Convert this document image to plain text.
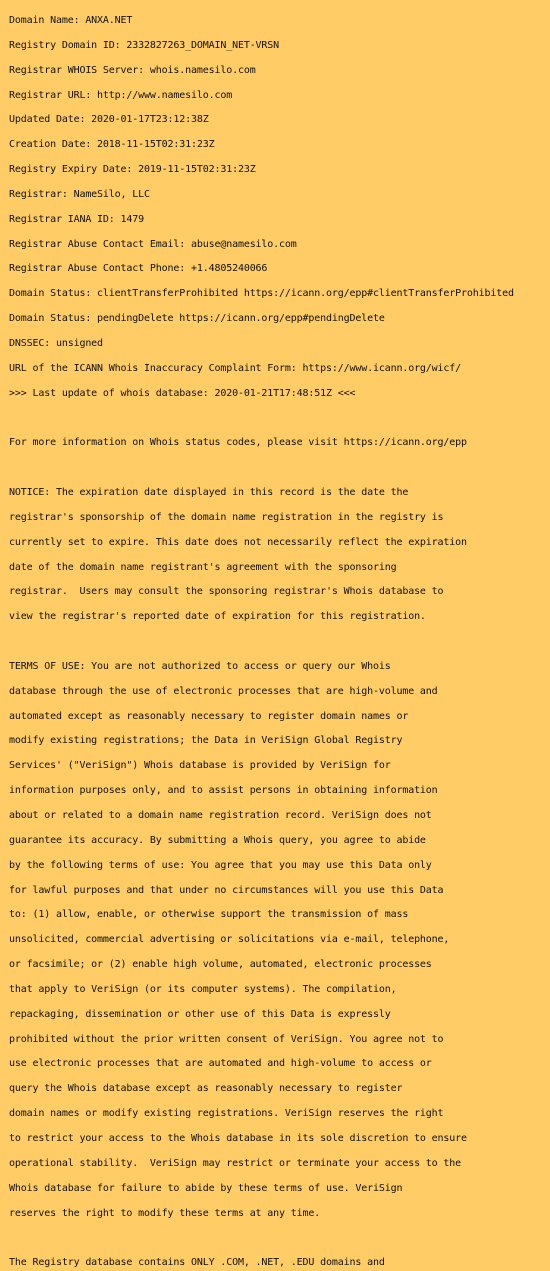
Domain Name: ANXA.NET
Registry Domain ID: 2332827263_DOMAIN_NET-VRSN
Registrar WHOIS Server: whois.namesilo.com
Registrar URL: http://www.namesilo.com
Updated Date: 2020-01-17T23:12:38Z
Creation Date: 2018-11-15T02:31:23Z
Registry Expiry Date: 2019-11-15T02:31:23Z
Registrar: NameSilo, LLC
Registrar IANA ID: 1479
Registrar Abuse Contact Email: abuse@namesilo.com
Registrar Abuse Contact Phone: +1.4805240066
Domain Status: clientTransferProhibited https://icann.org/epp#clientTransferProhibited
Domain Status: pendingDelete https://icann.org/epp#pendingDelete
DNSSEC: unsigned
URL of the ICANN Whois Inaccuracy Complaint Form: https://www.icann.org/wicf/
>>> Last update of whois database: 2020-01-21T17:48:51Z <<<
For more information on Whois status codes, please visit https://icann.org/epp
NOTICE: The expiration date displayed in this record is the date the
registrar's sponsorship of the domain name registration in the registry is
currently set to expire. This date does not necessarily reflect the expiration
date of the domain name registrant's agreement with the sponsoring
registrar.  Users may consult the sponsoring registrar's Whois database to
view the registrar's reported date of expiration for this registration.
TERMS OF USE: You are not authorized to access or query our Whois
database through the use of electronic processes that are high-volume and
automated except as reasonably necessary to register domain names or
modify existing registrations; the Data in VeriSign Global Registry
Services' ("VeriSign") Whois database is provided by VeriSign for
information purposes only, and to assist persons in obtaining information
about or related to a domain name registration record. VeriSign does not
guarantee its accuracy. By submitting a Whois query, you agree to abide
by the following terms of use: You agree that you may use this Data only
for lawful purposes and that under no circumstances will you use this Data
to: (1) allow, enable, or otherwise support the transmission of mass
unsolicited, commercial advertising or solicitations via e-mail, telephone,
or facsimile; or (2) enable high volume, automated, electronic processes
that apply to VeriSign (or its computer systems). The compilation,
repackaging, dissemination or other use of this Data is expressly
prohibited without the prior written consent of VeriSign. You agree not to
use electronic processes that are automated and high-volume to access or
query the Whois database except as reasonably necessary to register
domain names or modify existing registrations. VeriSign reserves the right
to restrict your access to the Whois database in its sole discretion to ensure
operational stability.  VeriSign may restrict or terminate your access to the
Whois database for failure to abide by these terms of use. VeriSign
reserves the right to modify these terms at any time.
The Registry database contains ONLY .COM, .NET, .EDU domains and
